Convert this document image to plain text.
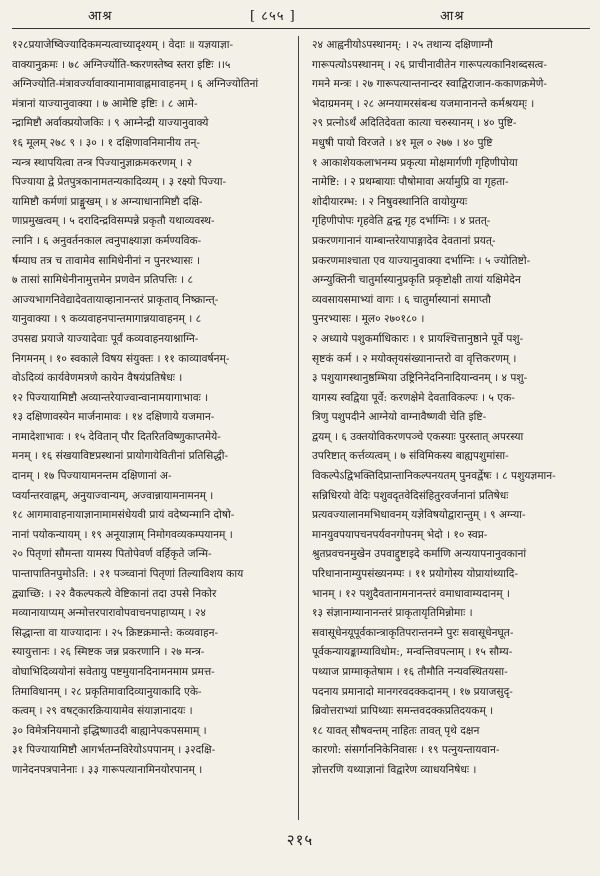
आश्र	[ ८५५ ]	आश्र
१२८प्रयाजेष्विज्यादिकमन्यत्वाच्यादृश्यम् । वेदाः ॥ यज्ञयाज्ञा-
वाक्यानुक्रमः । ७८ अग्निर्ज्योति-ष्करणस्तेष्व स्तरा इष्टिः ।।५
अग्निज्योति-मंत्रावर्ज्यावाक्यानामावाह्नमावाहनम् । ६ अग्निज्योतिनां
मंत्रानां याज्यानुवाक्या । ७ आमेष्टि इष्टिः । ८ आमे-
न्द्रामिष्टौ अर्वाक्प्रयोजकिः । ९ आम्नेन्द्री याज्यानुवाक्ये
१६ मूलम् २७८ ९ । ३० । १ दक्षिणावनिमानीय तन्-
न्यन्त्र स्थापयित्वा तन्त्र पिज्यानुज्ञाक्रमकरणम् । २
पिज्याया द्वे प्रेतपुत्रकानामतन्यकादिव्यम् । ३ रक्ष्यो पिज्या-
यामिष्टौ कर्मणां प्राङ्मुखम् । ४ अग्न्याधानामिष्टौ दक्षि-
णाप्रमुखत्वम् । ५ दरादिन्द्रविसम्पन्ने प्रकृतौ यथाव्यवस्थ-
त्नानि । ६ अनुवर्तनकाल त्वनुपाक्ष्याज्ञा कर्मण्यविक-
र्षम्याघ तत्र च तावामेव सामिधेनीनां न पुनरभ्यासः ।
७ तासां सामिधेनीनामुत्तमेन प्रणवेन प्रतिपत्तिः । ८
आज्यभागनिवेद्यादेवतायाव्हानानन्तरं प्राकृताव् निष्क्रान्त्-
यानुवाक्या । ९ कव्यवाहनपान्तमागान्नयावाहनम् । ८
उपसद्य प्रयाजे याज्यादेवाः पूर्वं कव्यवाहनयाश्नाग्नि-
निगमनम् । १० स्वकाले विषय संयुक्तः । ११ काव्यावर्षनम्-
वोऽदिव्यं कार्यवेणमत्रणे कायेन वैषयंप्रतिषेधः ।
१२ पिज्यायामिष्टौ अव्यान्तरेयाज्वान्वानामयागाभावः ।
१३ दक्षिणावस्येन मार्जनामावः । १४ दक्षिणाये यजमान-
नामादेशाभावः । १५ देवितान् पौर दितरितविष्णुकाप्तमेये-
मनम् । १६ संखयाविष्टप्रस्थानां प्रायोगायेवितीनां प्रतिसिद्धी-
दानम् । १७ पिज्यायामनन्तम दक्षिणानां अ-
प्वर्यान्तरवाह्नम्, अनुयाज्वान्यम्, अज्वान्नायामनामनम् ।
१८ आगमावाहनायाज्ञानामामसंधेयवी प्रायं वदेष्यन्मानि दोषो-
नानां पयोकन्यायम् । १९ अनूयाज्ञाम् निमोगवव्यकम्पयानम् ।
२० पितृणां सौमन्ता यामस्य पितोपेवर्ण वर्हिकृते जन्मि-
पान्तापातिनपुमोऽति: । २१ पञ्च्वानां पितृणां तिल्याविशय काय
द्व्याच्छि: । २२ वैकल्पकत्ये वेष्टिकानां तदा उपसे निकोर
मव्यानायाप्यम् अन्मोत्तरपारावोपवाचनपाहाप्यम् । २४
सिद्धान्ता वा याज्यादानः । २५ क्रिष्टक्रमान्ते: कव्यवाहन-
स्यायुत्तानः । २६ स्मिष्टक जन्न प्रकरणानि । २७ मन्त्र-
वोघाभिदिव्ययोनां सवेतायु पष्टमुयानदिनामनमाम प्रमत्त-
तिमाविधानम् । २८ प्रकृतिमावादिव्यानुयाकादि एके-
कत्वम् । २९ वषट्कारक्रियायामेव संयाज्ञानादयः ।
३० विमेत्रनियमानो इद्धिष्णाउदी बाह्यानेपकपसमाम् ।
३१ पिज्यायामिष्टौ आगर्भतम्नविरेयोऽपपानम् । ३२दक्षि-
णानेदनपत्रपानेनाः । ३३ गारूपत्यानामिनयोरपानम् ।
२४ आह्वनीयोऽपस्थानम्: । २५ तथान्य दक्षिणाग्नौ
गारूपत्योऽपस्थानम् । २६ प्राचीनावीतेन गारूपत्यकानिशब्दसत्व-
गमने मन्त्रः । २७ गारूपत्यान्तनान्दर स्वाद्विराजान-ककाणक्रमेणे-
भेदाग्रमनम् । २८ अग्नयामरसंबन्ध यजमानानन्ते कर्मश्रयम्ः ।
२९ प्रत्नोऽर्थं अदितिदेवता कात्या चरुस्यानम् । ४० पुष्टि-
मधुषी पायो विरजते । ४१ मूल ० २७७ । ४० पुष्टि
१ आकाशेयकलाभनम्य प्रकृत्या मोक्षमार्गणी गृहिणीपोया
नामेष्टि: । २ प्रथम्बायाः पौषोमावा अर्यामुप्रि वा गृहता-
शोदीयारम्भ: । २ निषुवस्थानिति वायोयुग्यः
गृहिणीपोपः गृहवेति द्वन्द्व गृह दर्भाग्निः । ४ प्रतत्-
प्रकरणगानानं याम्बान्तरेयापाङ्गादेव देवतानां प्रयत्-
प्रकरणमाश्चाता एव याज्यानुवाक्या दर्भाग्निः । ५ ज्योतिष्टो-
अग्न्युक्तिनी चातुर्मास्यानुप्रकृति प्रकृष्टोक्षी तायां यक्षिमेदेन
व्यवसायसमाभ्यां वागः । ६ चातुर्मास्यानां समाप्तौ
पुनरभ्यासः । मूल० २७०१८० ।
२ अध्याये पशुकर्माधिकारः । १ प्रायश्चित्तानुष्ठाने पूर्वे पशु-
सृष्टकं कर्म । २ मयोक्तृयसंख्यानान्तरो वा वृत्तिकरणम् ।
३ पशुयागस्थानुष्ठम्भिया उष्ट्रिनिनेदनिनादियान्वनम् । ४ पशु-
यागस्य स्वद्विया पूर्वे: करणक्षेमे देवताविकल्पः । ५ एक-
त्रिणु पशुपदीने आग्नेयो वाग्नावैष्णवी चेति इष्टि-
द्वयम् । ६ उक्तयोविकरणपञ्चे एकस्याः पुरस्तात् अपरस्या
उपरिष्टात् कर्त्तव्यत्वम् । ७ संविमिकस्य बाह्यपशुमांसा-
विकल्पेऽद्विभक्तिदिप्रान्तानिकल्पनयतम् पुनवर्द्वेषः । ८ पशुयज्ञमान-
सन्निधिरयो वेदिः पशुवदृतवेदिसंहितुरवर्जनानां प्रतिषेधः
प्रत्यवज्यालानमभिधावनम् यज्ञेविषयोद्वारान्तुम् । ९ अग्न्या-
मानयुवपयापचनपर्यवनगोपनम् भेदो । १० स्वप्न-
श्रुतप्रवचनमुखेन उपवाद्दुष्टाइदे कर्माणि अन्ययापनानुवकानां
परिधानानाम्युपसंख्यनम्पः । ११ प्रयोगोस्य योप्रायांथ्यादि-
भानम् । १२ पशुदैवतानामनानन्तरं वमाधावाम्यदानम् ।
१३ संज्ञानाम्यानानन्तरं प्राकृतायृतिमिन्नोमाः ।
सवासूधेनयूपूर्वकान्त्राकृतिपरान्तनम्ने पुरः सवासूधेनघूत-
पूर्वकन्यायङ्काम्याविधोम:, मन्वन्तिवपत्नाम् । १५ सौम्य-
पथ्याज प्राग्माकृतेषाम । १६ तौमौति नन्यवस्थितयसा-
पदनाय प्रमानादो मानगरवदक्कदानम् । १७ प्रयाजसुदृ-
ब्रिवोत्तराभ्यां प्रापिथ्याः समन्तवदक्कप्रतिदयकम् ।
१८ यावत् सौषवन्तम् नाहितः तावत् पृथे दक्षन
कारणो: संसर्गाननिकेनिवासः । १९ पत्नुयन्तायवान-
ज्ञोत्तरणि यथ्याज्ञानां विद्वारेण व्याधयनिषेधः ।
२१५
